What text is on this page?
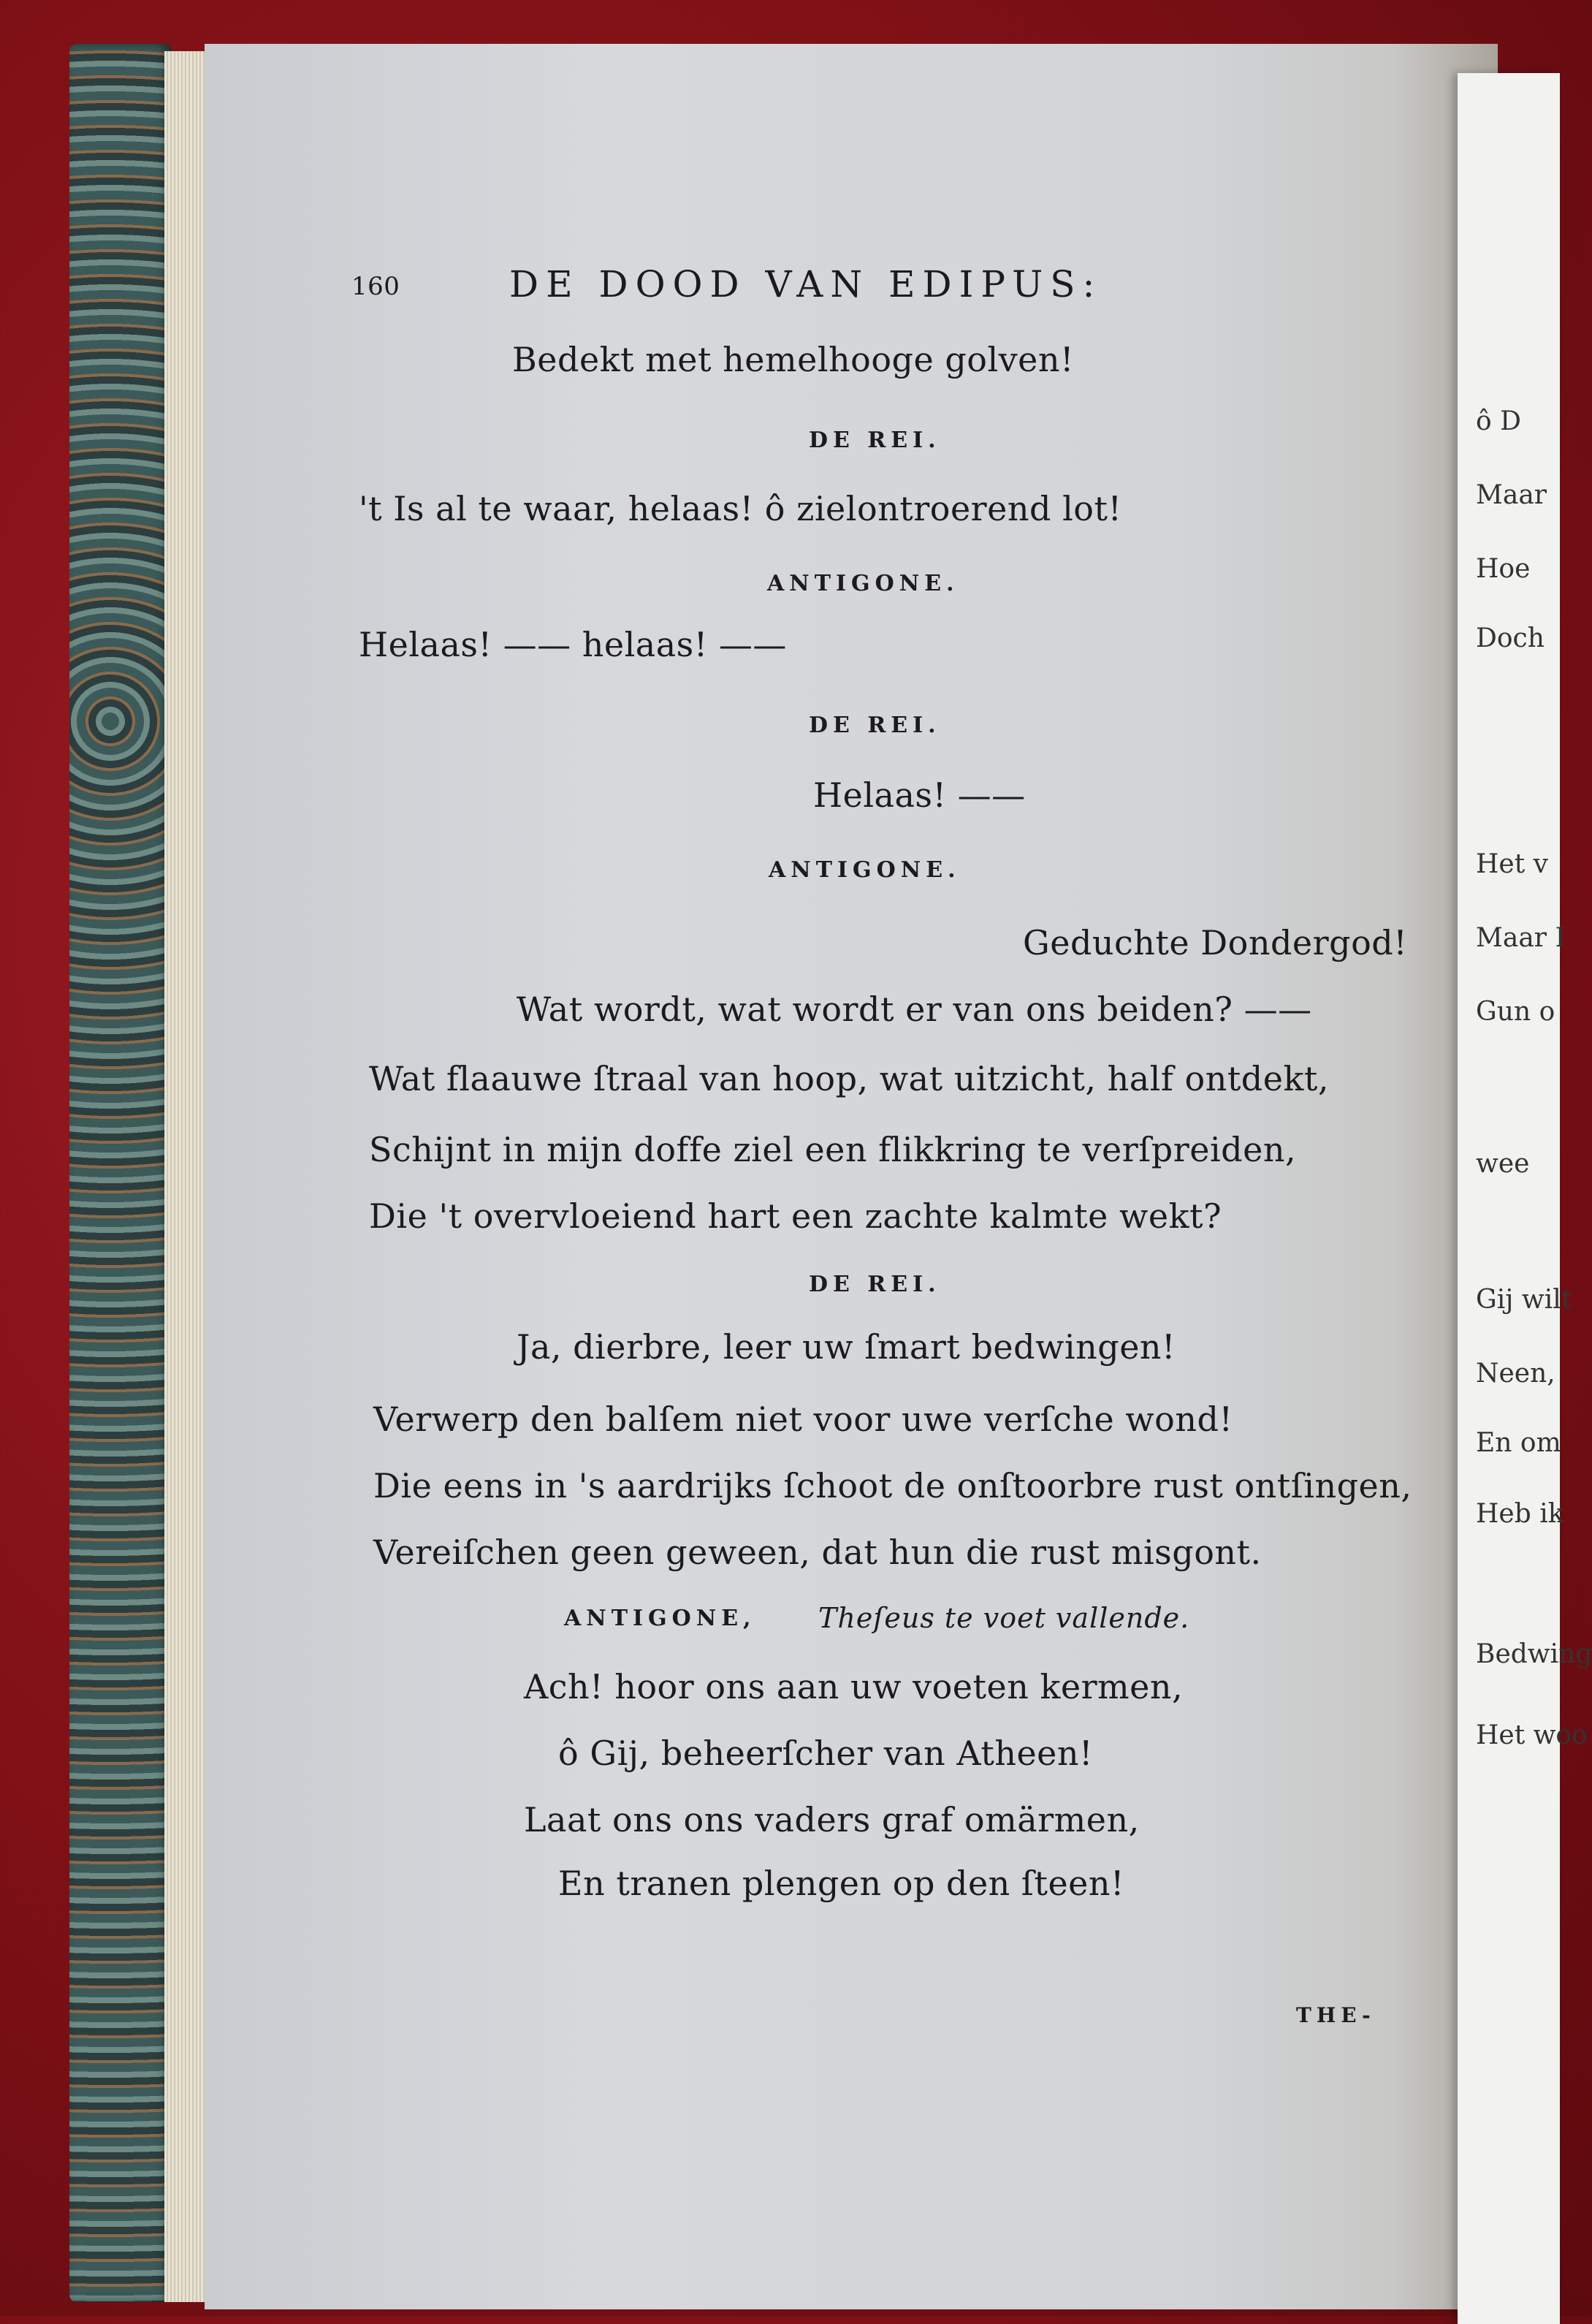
160	DE DOOD VAN EDIPUS:
Bedekt met hemelhooge golven!
DE REI.
't Is al te waar, helaas! ô zielontroerend lot!
ANTIGONE.
Helaas! —— helaas! ——
DE REI.
Helaas! ——
ANTIGONE.
Geduchte Dondergod!
Wat wordt, wat wordt er van ons beiden? ——
Wat flaauwe ſtraal van hoop, wat uitzicht, half ontdekt,
Schijnt in mijn doffe ziel een flikkring te verſpreiden,
Die 't overvloeiend hart een zachte kalmte wekt?
DE REI.
Ja, dierbre, leer uw ſmart bedwingen!
Verwerp den balſem niet voor uwe verſche wond!
Die eens in 's aardrijks ſchoot de onſtoorbre rust ontſingen,
Vereiſchen geen geween, dat hun die rust misgont.
ANTIGONE, Theſeus te voet vallende.
Ach! hoor ons aan uw voeten kermen,
ô Gij, beheerſcher van Atheen!
Laat ons ons vaders graf omärmen,
En tranen plengen op den ſteen!
THE-
ô D
Maar
Hoe
Doch
Het v
Maar I
Gun o
wee
Gij wilt
Neen,
En om
Heb ik
Bedwing
Het woo
